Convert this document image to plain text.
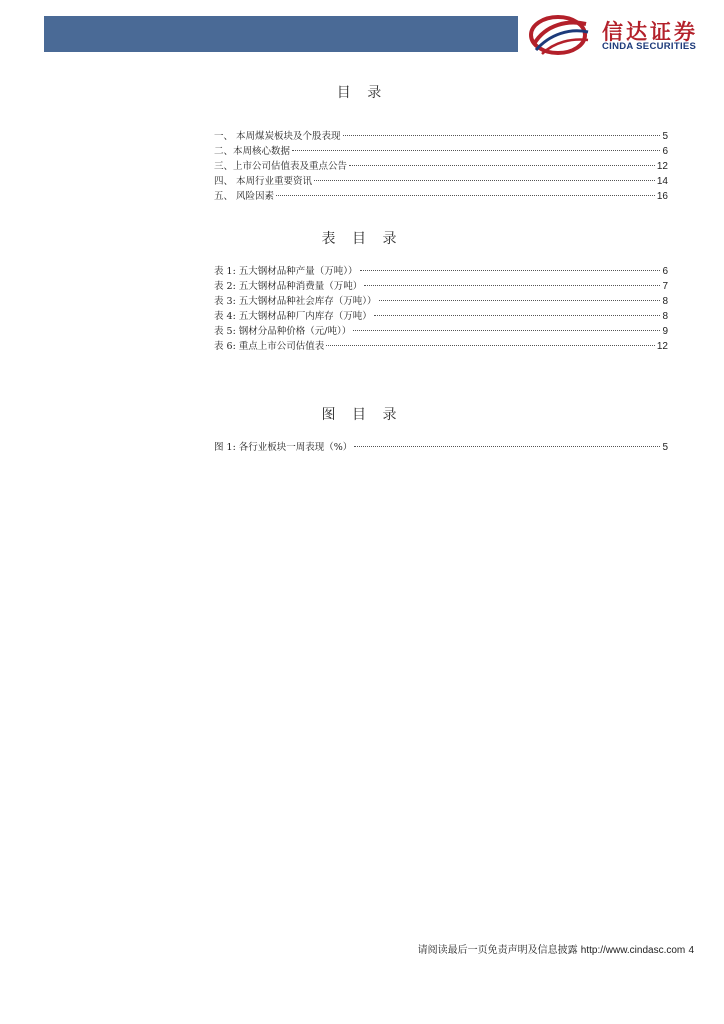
信达证券
CINDA SECURITIES
目 录
一、 本周煤炭板块及个股表现	5
二、本周核心数据	6
三、上市公司估值表及重点公告	12
四、 本周行业重要资讯	14
五、 风险因素	16
表 目 录
表 1: 五大钢材品种产量（万吨））	6
表 2: 五大钢材品种消费量（万吨）	7
表 3: 五大钢材品种社会库存（万吨））	8
表 4: 五大钢材品种厂内库存（万吨）	8
表 5: 钢材分品种价格（元/吨））	9
表 6: 重点上市公司估值表	12
图 目 录
图 1: 各行业板块一周表现（%）	5
请阅读最后一页免责声明及信息披露 http://www.cindasc.com 4
